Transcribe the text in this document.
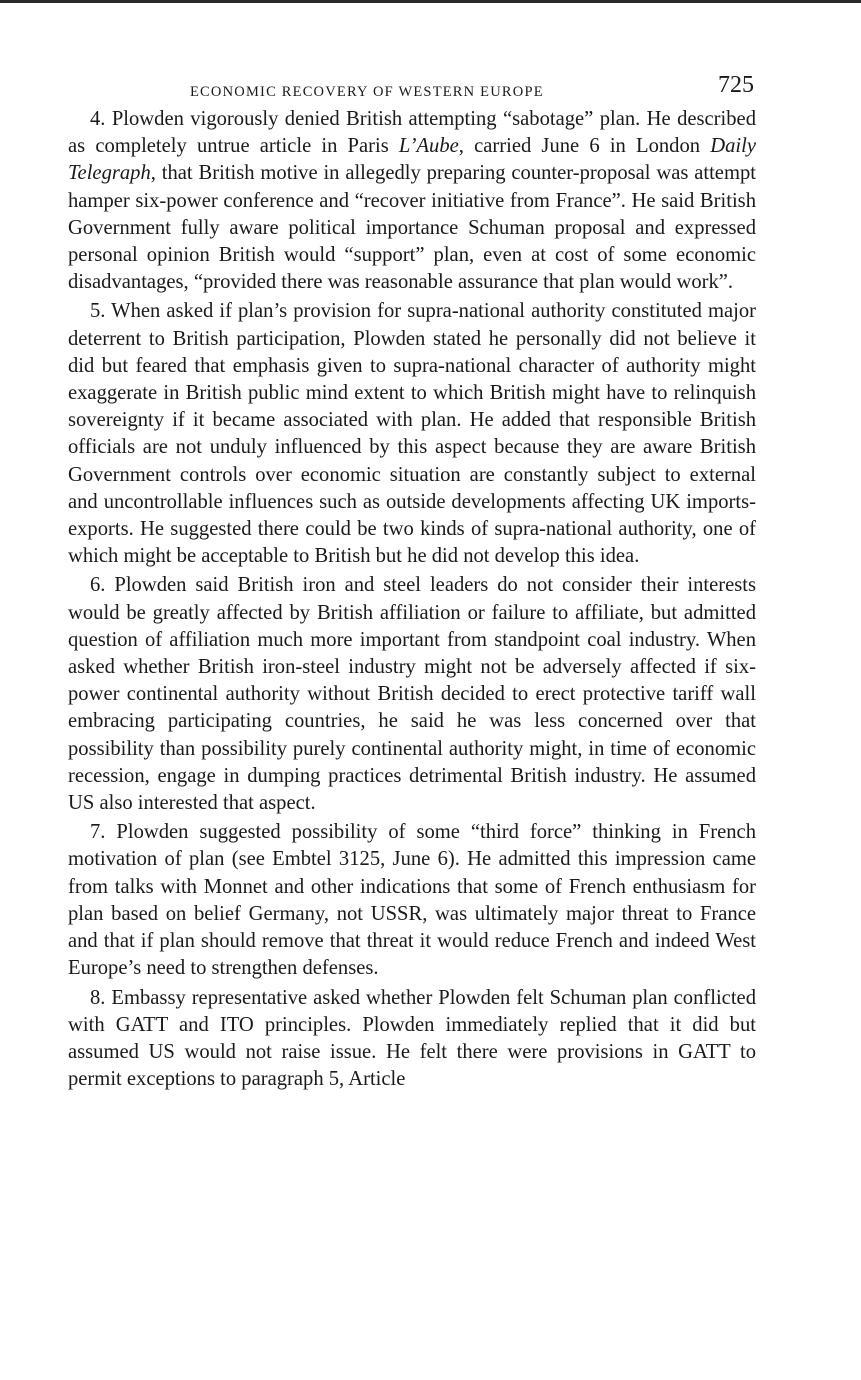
ECONOMIC RECOVERY OF WESTERN EUROPE	725

4. Plowden vigorously denied British attempting “sabotage” plan. He described as completely untrue article in Paris L’Aube, carried June 6 in London Daily Telegraph, that British motive in allegedly preparing counter-proposal was attempt hamper six-power conference and “recover initiative from France”. He said British Government fully aware political importance Schuman proposal and expressed personal opinion British would “support” plan, even at cost of some economic disadvantages, “provided there was reasonable assurance that plan would work”.

5. When asked if plan’s provision for supra-national authority constituted major deterrent to British participation, Plowden stated he personally did not believe it did but feared that emphasis given to supra-national character of authority might exaggerate in British public mind extent to which British might have to relinquish sovereignty if it became associated with plan. He added that responsible British officials are not unduly influenced by this aspect because they are aware British Government controls over economic situation are constantly subject to external and uncontrollable influences such as outside developments affecting UK imports-exports. He suggested there could be two kinds of supra-national authority, one of which might be acceptable to British but he did not develop this idea.

6. Plowden said British iron and steel leaders do not consider their interests would be greatly affected by British affiliation or failure to affiliate, but admitted question of affiliation much more important from standpoint coal industry. When asked whether British iron-steel industry might not be adversely affected if six-power continental authority without British decided to erect protective tariff wall embracing participating countries, he said he was less concerned over that possibility than possibility purely continental authority might, in time of economic recession, engage in dumping practices detrimental British industry. He assumed US also interested that aspect.

7. Plowden suggested possibility of some “third force” thinking in French motivation of plan (see Embtel 3125, June 6). He admitted this impression came from talks with Monnet and other indications that some of French enthusiasm for plan based on belief Germany, not USSR, was ultimately major threat to France and that if plan should remove that threat it would reduce French and indeed West Europe’s need to strengthen defenses.

8. Embassy representative asked whether Plowden felt Schuman plan conflicted with GATT and ITO principles. Plowden immediately replied that it did but assumed US would not raise issue. He felt there were provisions in GATT to permit exceptions to paragraph 5, Article
